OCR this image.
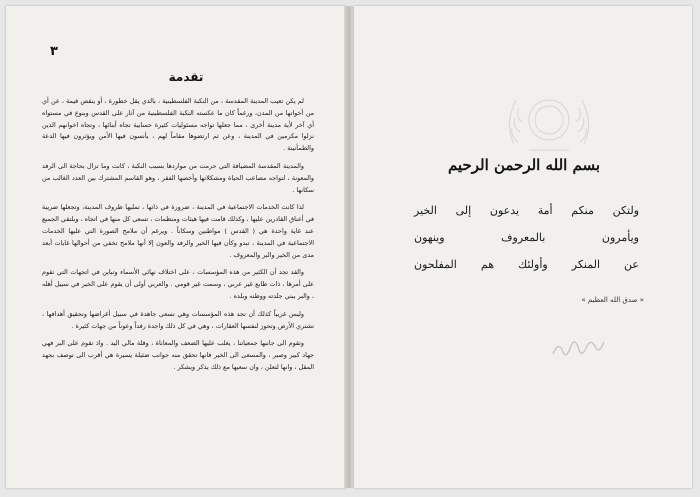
٣
تقدمة

لم يكن تعيب المدينة المقدسة ، من النكبة الفلسطينية ، بالذي يقل خطورة ، أو ينقص قيمة ، عن أي من أخواتها من المدن، ورغماً كان ما عكسته النكبة الفلسطينية من آثار على القدس وبنوع في مستواه أي آخر لأية مدينة أخرى ، مما جعلها تواجه مسئوليات كثيرة حسابية تجاه أبنائها ، وتجاه اخوانهم الذين نزلوا مكرمين في المدينة ، وعن ثم ارتضوها مقاماً لهم ، يأنسون فيها الأمن ويؤثرون فيها الدعة والطمأنينة .

والمدينة المقدسة المضيافة التي حرمت من مواردها بسبب النكبة ، كانت وما تزال بحاجة الى الرفد والمعونة ، لتواجه مصاعب الحياة ومشكلاتها وأخصها الفقر ، وهو القاسم المشترك بين العدد الغالب من سكانها .

لذا كانت الخدمات الاجتماعية في المدينة ، ضرورة في ذاتها ، تمليها ظروف المدينة، وتجعلها ضريبة في أعناق القادرين عليها ، وكذلك قامت فيها هيئات ومنظمات ، تسعى كل منها في اتجاه ، ويلتقي الجميع عند غاية واحدة هي ( القدس ) مواطنين وسكاناً . ويرغم أن ملامح الصورة التي عليها الخدمات الاجتماعية في المدينة ، تبدو وكأن فيها الخير والرفد والعون إلا أنها ملامح تخفي من أحوالها غايات أبعد مدى من الخير والبر والمعروف .

والقد تجد أن الكثير من هذه المؤسسات ، على اختلاف نهائي الأسماء وتباين في اتجهات التي تقوم على أمرها ، ذات طابع غير عربي ، وسمت غير قومي . والعربي أولى أن يقوم على الخير في سبيل أهله ، والبر ببني جلدته ووطنه وبلده .

وليس غريباً كذلك أن تجد هذه المؤسسات وهي تسعى جاهدة في سبيل أغراضها وتحقيق أهدافها ، تشتري الأرض وتحوز لنفسها العقارات ، وهي في كل ذلك واجدة رفداً وعوناً من جهات كثيرة .

وتقوم الى جانبها جمعياتنا ، يغلب عليها الضعف والمعاناة ، وقلة مالي اليد . واذ تقوم على البر فهي جهاد كبير وصبر ، والمسعى الى الخير فانها تحقق منه جوانب ضئيلة يسيرة هي أقرب الى توصف بجهد المقل ، وانها لتعلن ، وان سعيها مع ذلك يذكر ويشكر .

بسم الله الرحمن الرحيم
ولتكن منكم أمة يدعون إلى الخير
ويأمرون بالمعروف وينهون
عن المنكر وأولئك هم المفلحون
« صدق الله العظيم »
